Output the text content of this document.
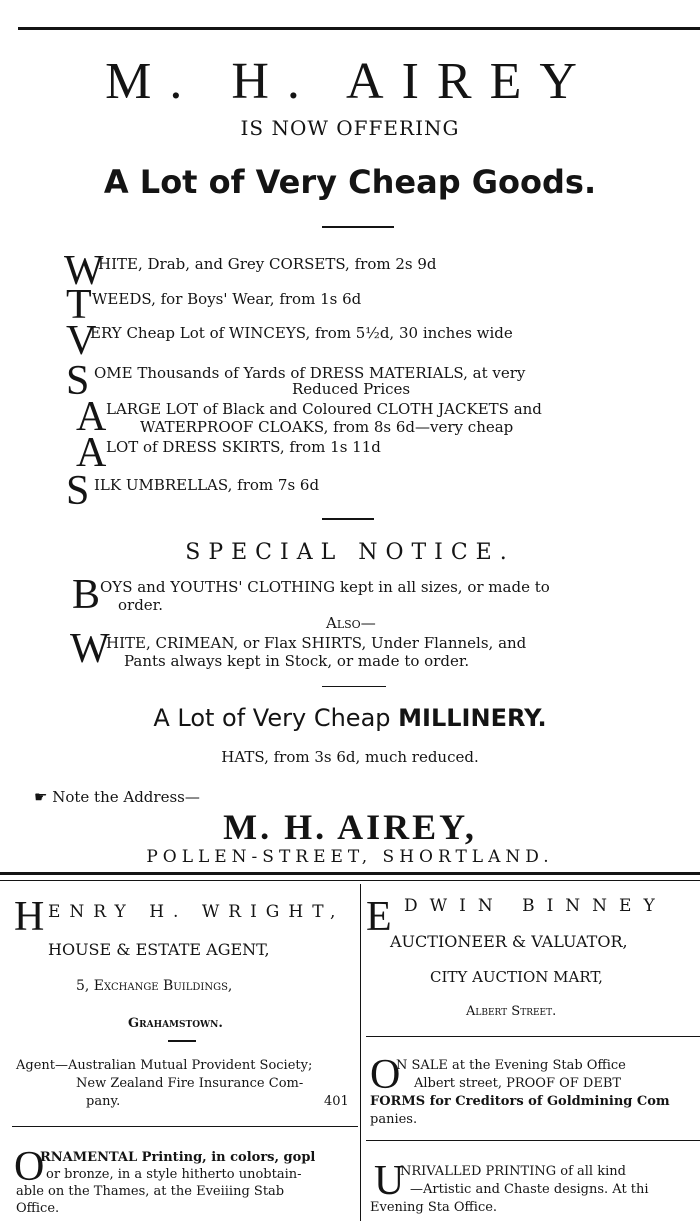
M. H. AIREY
IS NOW OFFERING
A Lot of Very Cheap Goods.
W
HITE, Drab, and Grey CORSETS, from 2s 9d
T WEEDS, for Boys' Wear, from 1s 6d
V
ERY Cheap Lot of WINCEYS, from 5½d, 30 inches wide
S OME Thousands of Yards of DRESS MATERIALS, at very
Reduced Prices
A LARGE LOT of Black and Coloured CLOTH JACKETS and
WATERPROOF CLOAKS, from 8s 6d—very cheap
A LOT of DRESS SKIRTS, from 1s 11d
S ILK UMBRELLAS, from 7s 6d
SPECIAL NOTICE.
B OYS and YOUTHS' CLOTHING kept in all sizes, or made to
order.
Also—
W
HITE, CRIMEAN, or Flax SHIRTS, Under Flannels, and
Pants always kept in Stock, or made to order.
A Lot of Very Cheap MILLINERY.
HATS, from 3s 6d, much reduced.
☛ Note the Address—
M. H. AIREY,
POLLEN-STREET, SHORTLAND.
H ENRY H. WRIGHT,
HOUSE & ESTATE AGENT,
5, Exchange Buildings,
Grahamstown.
Agent—Australian Mutual Provident Society;
New Zealand Fire Insurance Com-
pany.	401
O
RNAMENTAL Printing, in colors, gopl
or bronze, in a style hitherto unobtain-
able on the Thames, at the Eveiiing Stab
Office.
E DWIN BINNEY
AUCTIONEER & VALUATOR,
CITY AUCTION MART,
Albert Street.
O
N SALE at the Evening Stab Office
Albert street, PROOF OF DEBT
FORMS for Creditors of Goldmining Com
panies.
U
NRIVALLED PRINTING of all kind
—Artistic and Chaste designs. At thi
Evening Sta Office.
